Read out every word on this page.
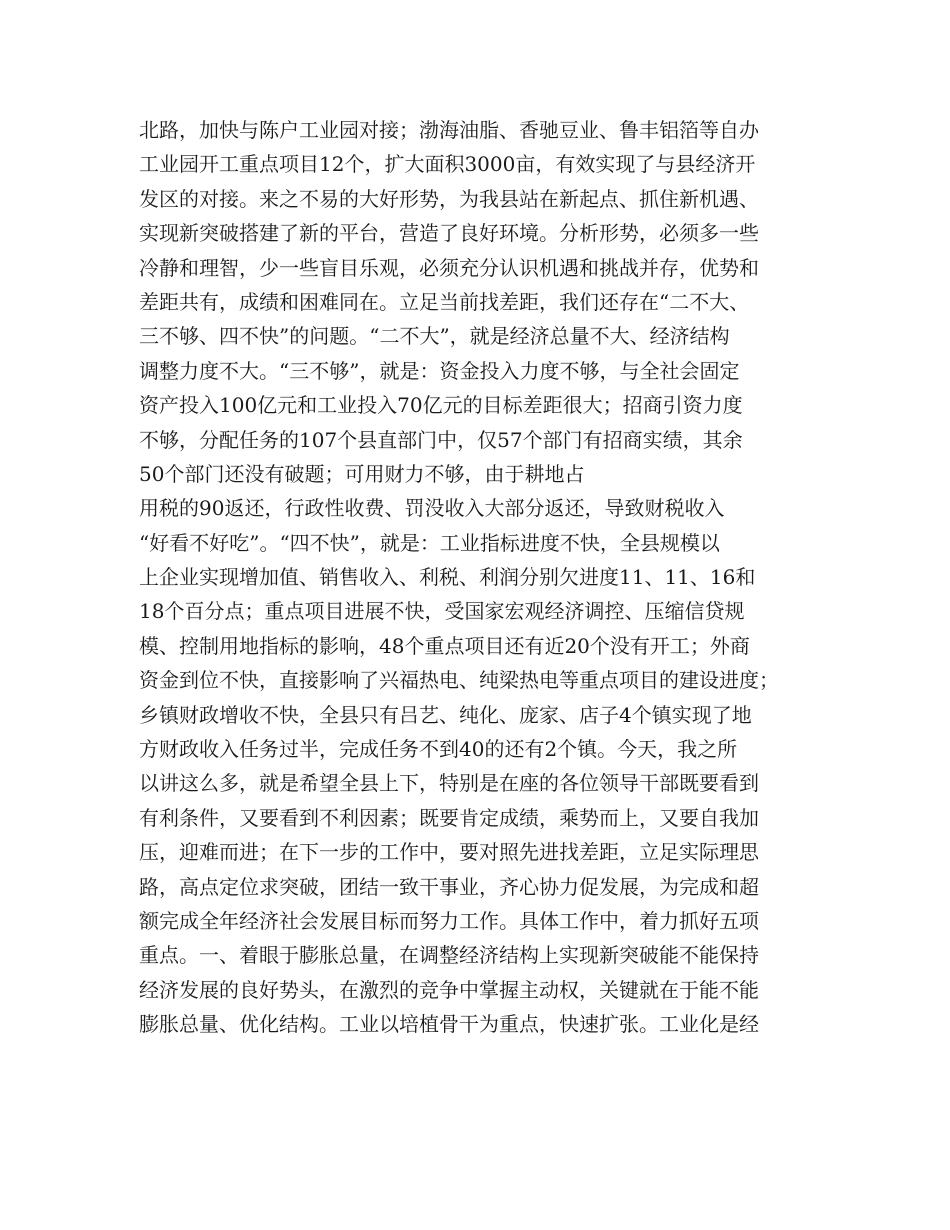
北路，加快与陈户工业园对接；渤海油脂、香驰豆业、鲁丰铝箔等自办
工业园开工重点项目12个，扩大面积3000亩，有效实现了与县经济开
发区的对接。来之不易的大好形势，为我县站在新起点、抓住新机遇、
实现新突破搭建了新的平台，营造了良好环境。分析形势，必须多一些
冷静和理智，少一些盲目乐观，必须充分认识机遇和挑战并存，优势和
差距共有，成绩和困难同在。立足当前找差距，我们还存在“二不大、
三不够、四不快”的问题。“二不大”，就是经济总量不大、经济结构
调整力度不大。“三不够”，就是：资金投入力度不够，与全社会固定
资产投入100亿元和工业投入70亿元的目标差距很大；招商引资力度
不够，分配任务的107个县直部门中，仅57个部门有招商实绩，其余
50个部门还没有破题；可用财力不够，由于耕地占
用税的90返还，行政性收费、罚没收入大部分返还，导致财税收入
“好看不好吃”。“四不快”，就是：工业指标进度不快，全县规模以
上企业实现增加值、销售收入、利税、利润分别欠进度11、11、16和
18个百分点；重点项目进展不快，受国家宏观经济调控、压缩信贷规
模、控制用地指标的影响，48个重点项目还有近20个没有开工；外商
资金到位不快，直接影响了兴福热电、纯梁热电等重点项目的建设进度；
乡镇财政增收不快，全县只有吕艺、纯化、庞家、店子4个镇实现了地
方财政收入任务过半，完成任务不到40的还有2个镇。今天，我之所
以讲这么多，就是希望全县上下，特别是在座的各位领导干部既要看到
有利条件，又要看到不利因素；既要肯定成绩，乘势而上，又要自我加
压，迎难而进；在下一步的工作中，要对照先进找差距，立足实际理思
路，高点定位求突破，团结一致干事业，齐心协力促发展，为完成和超
额完成全年经济社会发展目标而努力工作。具体工作中，着力抓好五项
重点。一、着眼于膨胀总量，在调整经济结构上实现新突破能不能保持
经济发展的良好势头，在激烈的竞争中掌握主动权，关键就在于能不能
膨胀总量、优化结构。工业以培植骨干为重点，快速扩张。工业化是经
